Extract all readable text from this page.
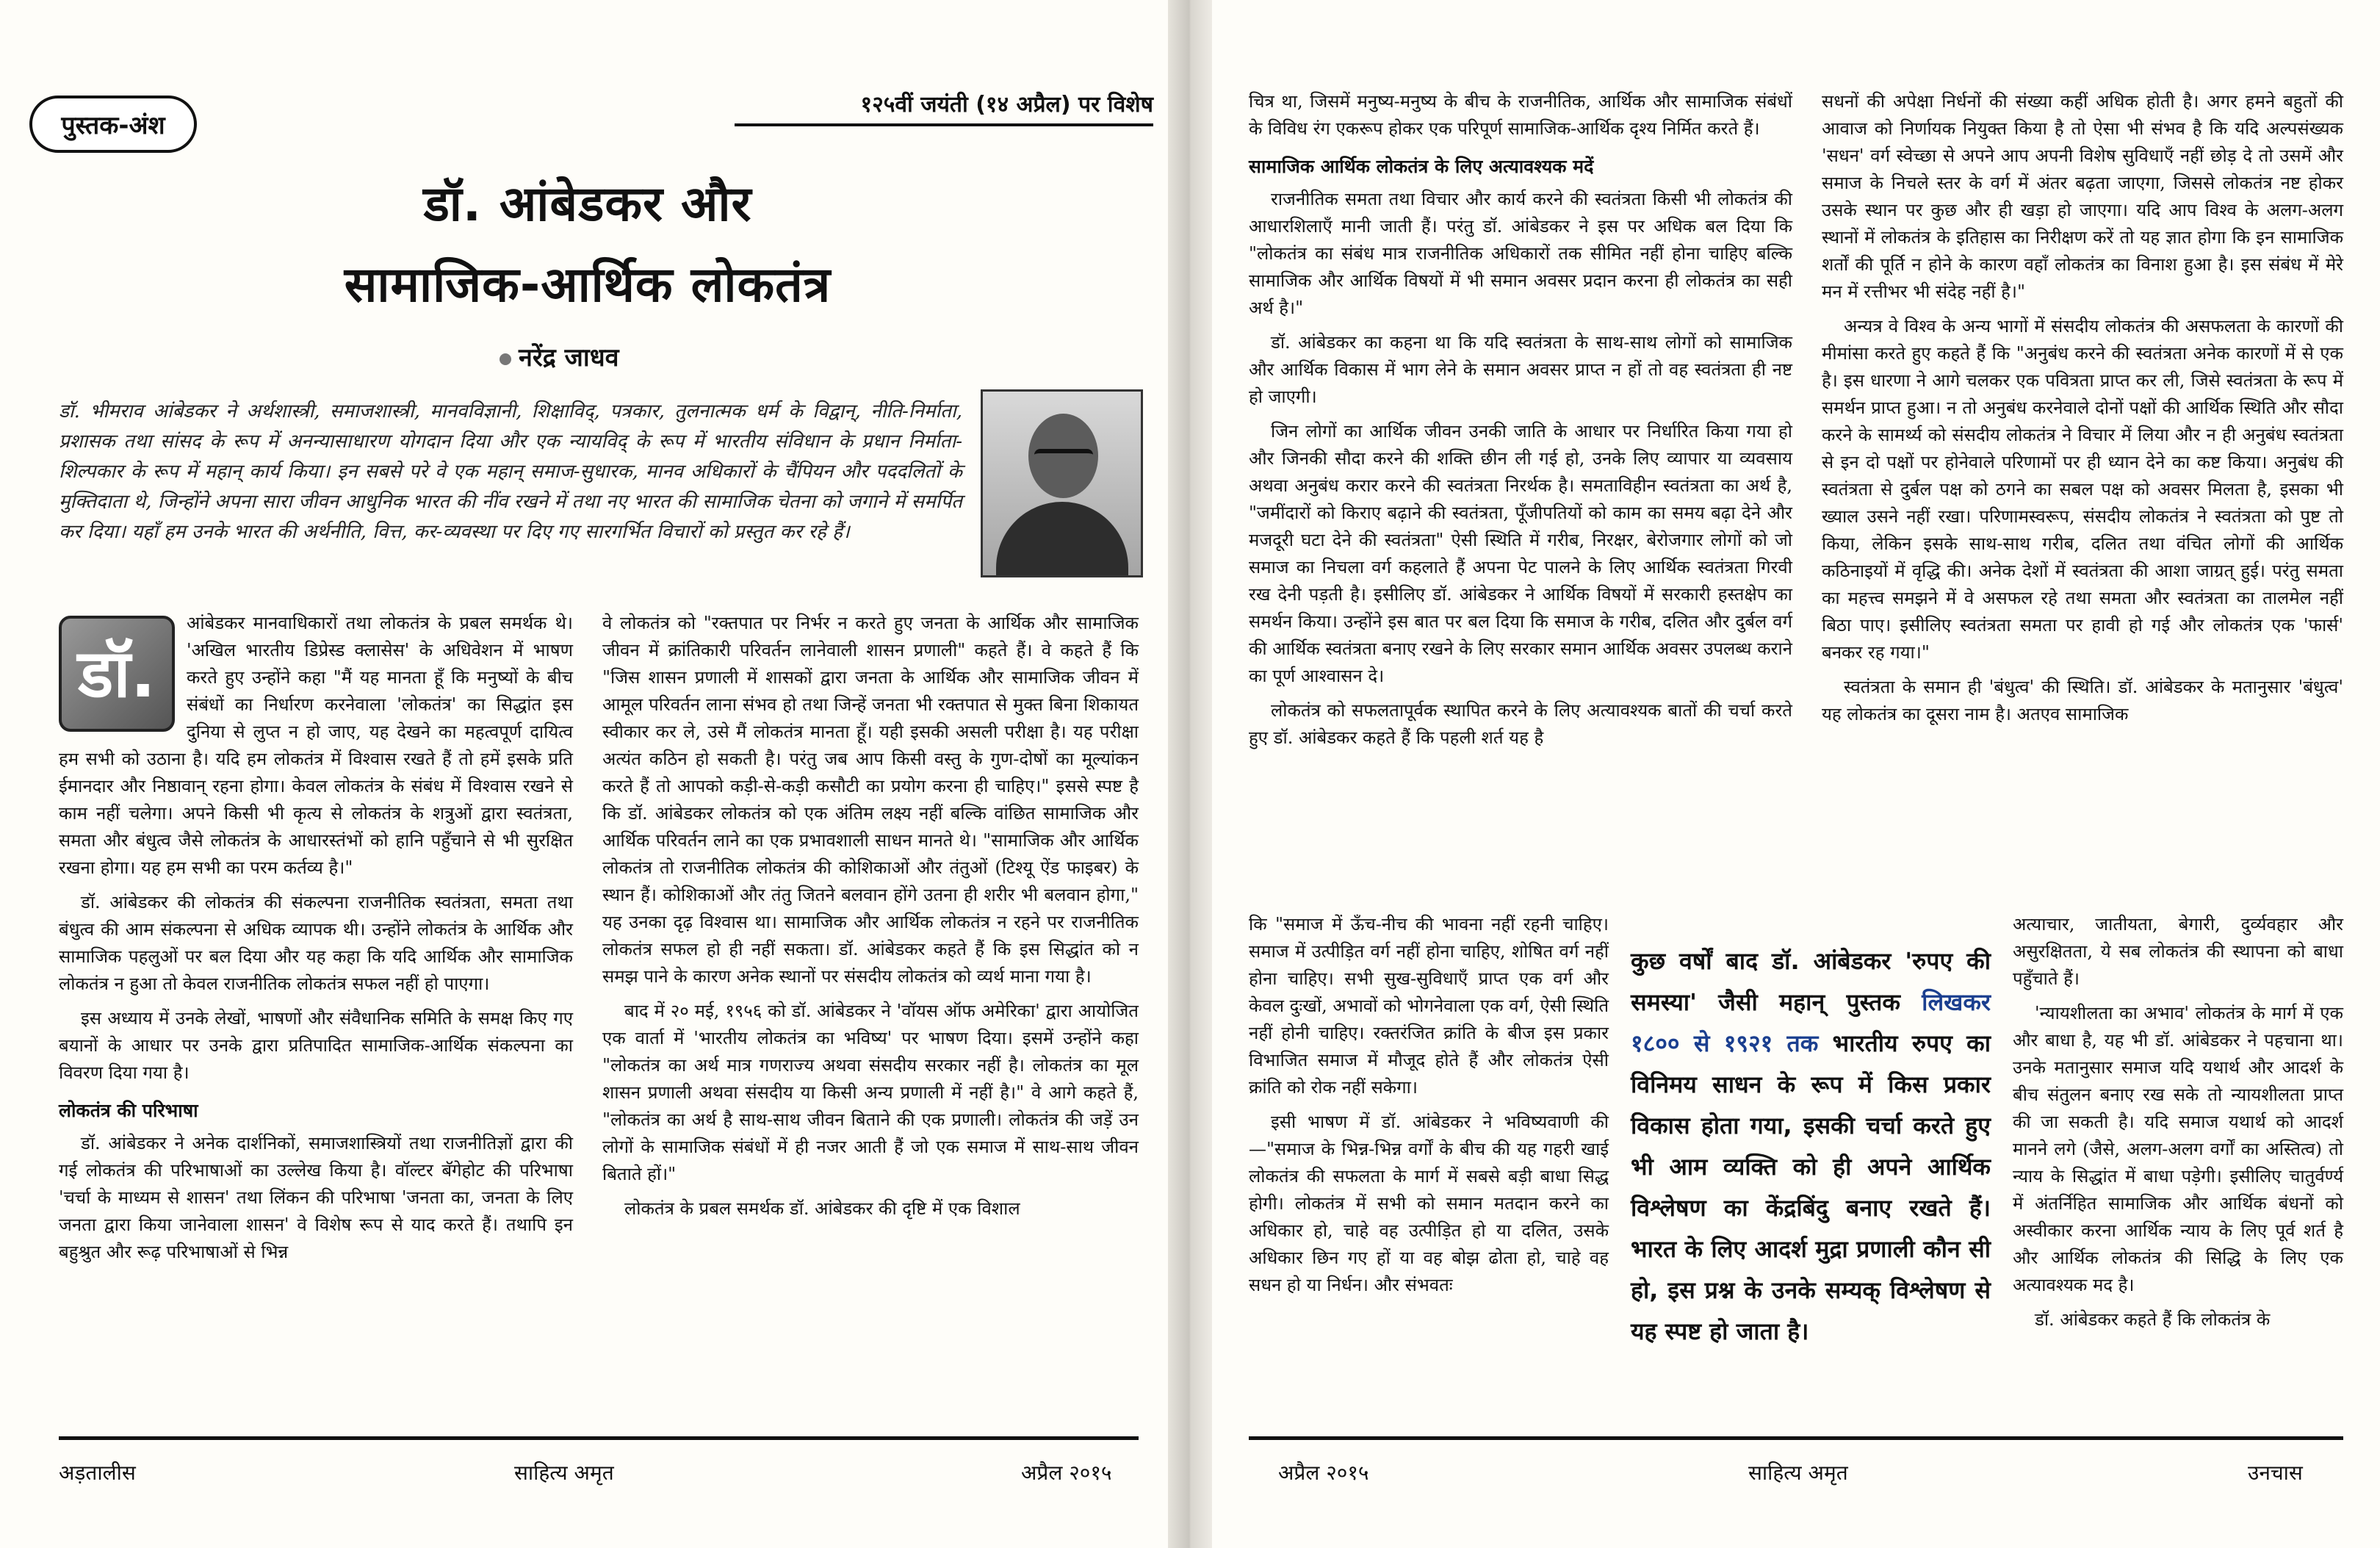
पुस्तक-अंश
१२५वीं जयंती (१४ अप्रैल) पर विशेष
डॉ. आंबेडकर और
सामाजिक-आर्थिक लोकतंत्र
नरेंद्र जाधव
डॉ. भीमराव आंबेडकर ने अर्थशास्त्री, समाजशास्त्री, मानवविज्ञानी, शिक्षाविद्, पत्रकार, तुलनात्मक धर्म के विद्वान्, नीति-निर्माता, प्रशासक तथा सांसद के रूप में अनन्यासाधारण योगदान दिया और एक न्यायविद् के रूप में भारतीय संविधान के प्रधान निर्माता-शिल्पकार के रूप में महान् कार्य किया। इन सबसे परे वे एक महान् समाज-सुधारक, मानव अधिकारों के चैंपियन और पददलितों के मुक्तिदाता थे, जिन्होंने अपना सारा जीवन आधुनिक भारत की नींव रखने में तथा नए भारत की सामाजिक चेतना को जगाने में समर्पित कर दिया। यहाँ हम उनके भारत की अर्थनीति, वित्त, कर-व्यवस्था पर दिए गए सारगर्भित विचारों को प्रस्तुत कर रहे हैं।

डॉ.
आंबेडकर मानवाधिकारों तथा लोकतंत्र के प्रबल समर्थक थे। 'अखिल भारतीय डिप्रेस्ड क्लासेस' के अधिवेशन में भाषण करते हुए उन्होंने कहा "मैं यह मानता हूँ कि मनुष्यों के बीच संबंधों का निर्धारण करनेवाला 'लोकतंत्र' का सिद्धांत इस दुनिया से लुप्त न हो जाए, यह देखने का महत्वपूर्ण दायित्व हम सभी को उठाना है। यदि हम लोकतंत्र में विश्वास रखते हैं तो हमें इसके प्रति ईमानदार और निष्ठावान् रहना होगा। केवल लोकतंत्र के संबंध में विश्वास रखने से काम नहीं चलेगा। अपने किसी भी कृत्य से लोकतंत्र के शत्रुओं द्वारा स्वतंत्रता, समता और बंधुत्व जैसे लोकतंत्र के आधारस्तंभों को हानि पहुँचाने से भी सुरक्षित रखना होगा। यह हम सभी का परम कर्तव्य है।"

डॉ. आंबेडकर की लोकतंत्र की संकल्पना राजनीतिक स्वतंत्रता, समता तथा बंधुत्व की आम संकल्पना से अधिक व्यापक थी। उन्होंने लोकतंत्र के आर्थिक और सामाजिक पहलुओं पर बल दिया और यह कहा कि यदि आर्थिक और सामाजिक लोकतंत्र न हुआ तो केवल राजनीतिक लोकतंत्र सफल नहीं हो पाएगा।

इस अध्याय में उनके लेखों, भाषणों और संवैधानिक समिति के समक्ष किए गए बयानों के आधार पर उनके द्वारा प्रतिपादित सामाजिक-आर्थिक संकल्पना का विवरण दिया गया है।

लोकतंत्र की परिभाषा

डॉ. आंबेडकर ने अनेक दार्शनिकों, समाजशास्त्रियों तथा राजनीतिज्ञों द्वारा की गई लोकतंत्र की परिभाषाओं का उल्लेख किया है। वॉल्टर बॅगेहोट की परिभाषा 'चर्चा के माध्यम से शासन' तथा लिंकन की परिभाषा 'जनता का, जनता के लिए जनता द्वारा किया जानेवाला शासन' वे विशेष रूप से याद करते हैं। तथापि इन बहुश्रुत और रूढ़ परिभाषाओं से भिन्न

वे लोकतंत्र को "रक्तपात पर निर्भर न करते हुए जनता के आर्थिक और सामाजिक जीवन में क्रांतिकारी परिवर्तन लानेवाली शासन प्रणाली" कहते हैं। वे कहते हैं कि "जिस शासन प्रणाली में शासकों द्वारा जनता के आर्थिक और सामाजिक जीवन में आमूल परिवर्तन लाना संभव हो तथा जिन्हें जनता भी रक्तपात से मुक्त बिना शिकायत स्वीकार कर ले, उसे मैं लोकतंत्र मानता हूँ। यही इसकी असली परीक्षा है। यह परीक्षा अत्यंत कठिन हो सकती है। परंतु जब आप किसी वस्तु के गुण-दोषों का मूल्यांकन करते हैं तो आपको कड़ी-से-कड़ी कसौटी का प्रयोग करना ही चाहिए।" इससे स्पष्ट है कि डॉ. आंबेडकर लोकतंत्र को एक अंतिम लक्ष्य नहीं बल्कि वांछित सामाजिक और आर्थिक परिवर्तन लाने का एक प्रभावशाली साधन मानते थे। "सामाजिक और आर्थिक लोकतंत्र तो राजनीतिक लोकतंत्र की कोशिकाओं और तंतुओं (टिश्यू ऐंड फाइबर) के स्थान हैं। कोशिकाओं और तंतु जितने बलवान होंगे उतना ही शरीर भी बलवान होगा," यह उनका दृढ़ विश्वास था। सामाजिक और आर्थिक लोकतंत्र न रहने पर राजनीतिक लोकतंत्र सफल हो ही नहीं सकता। डॉ. आंबेडकर कहते हैं कि इस सिद्धांत को न समझ पाने के कारण अनेक स्थानों पर संसदीय लोकतंत्र को व्यर्थ माना गया है।

बाद में २० मई, १९५६ को डॉ. आंबेडकर ने 'वॉयस ऑफ अमेरिका' द्वारा आयोजित एक वार्ता में 'भारतीय लोकतंत्र का भविष्य' पर भाषण दिया। इसमें उन्होंने कहा "लोकतंत्र का अर्थ मात्र गणराज्य अथवा संसदीय सरकार नहीं है। लोकतंत्र का मूल शासन प्रणाली अथवा संसदीय या किसी अन्य प्रणाली में नहीं है।" वे आगे कहते हैं, "लोकतंत्र का अर्थ है साथ-साथ जीवन बिताने की एक प्रणाली। लोकतंत्र की जड़ें उन लोगों के सामाजिक संबंधों में ही नजर आती हैं जो एक समाज में साथ-साथ जीवन बिताते हों।"

लोकतंत्र के प्रबल समर्थक डॉ. आंबेडकर की दृष्टि में एक विशाल

अड़तालीस	साहित्य अमृत	अप्रैल २०१५

चित्र था, जिसमें मनुष्य-मनुष्य के बीच के राजनीतिक, आर्थिक और सामाजिक संबंधों के विविध रंग एकरूप होकर एक परिपूर्ण सामाजिक-आर्थिक दृश्य निर्मित करते हैं।

सामाजिक आर्थिक लोकतंत्र के लिए अत्यावश्यक मदें

राजनीतिक समता तथा विचार और कार्य करने की स्वतंत्रता किसी भी लोकतंत्र की आधारशिलाएँ मानी जाती हैं। परंतु डॉ. आंबेडकर ने इस पर अधिक बल दिया कि "लोकतंत्र का संबंध मात्र राजनीतिक अधिकारों तक सीमित नहीं होना चाहिए बल्कि सामाजिक और आर्थिक विषयों में भी समान अवसर प्रदान करना ही लोकतंत्र का सही अर्थ है।"

डॉ. आंबेडकर का कहना था कि यदि स्वतंत्रता के साथ-साथ लोगों को सामाजिक और आर्थिक विकास में भाग लेने के समान अवसर प्राप्त न हों तो वह स्वतंत्रता ही नष्ट हो जाएगी।

जिन लोगों का आर्थिक जीवन उनकी जाति के आधार पर निर्धारित किया गया हो और जिनकी सौदा करने की शक्ति छीन ली गई हो, उनके लिए व्यापार या व्यवसाय अथवा अनुबंध करार करने की स्वतंत्रता निरर्थक है। समताविहीन स्वतंत्रता का अर्थ है, "जमींदारों को किराए बढ़ाने की स्वतंत्रता, पूँजीपतियों को काम का समय बढ़ा देने और मजदूरी घटा देने की स्वतंत्रता" ऐसी स्थिति में गरीब, निरक्षर, बेरोजगार लोगों को जो समाज का निचला वर्ग कहलाते हैं अपना पेट पालने के लिए आर्थिक स्वतंत्रता गिरवी रख देनी पड़ती है। इसीलिए डॉ. आंबेडकर ने आर्थिक विषयों में सरकारी हस्तक्षेप का समर्थन किया। उन्होंने इस बात पर बल दिया कि समाज के गरीब, दलित और दुर्बल वर्ग की आर्थिक स्वतंत्रता बनाए रखने के लिए सरकार समान आर्थिक अवसर उपलब्ध कराने का पूर्ण आश्वासन दे।

लोकतंत्र को सफलतापूर्वक स्थापित करने के लिए अत्यावश्यक बातों की चर्चा करते हुए डॉ. आंबेडकर कहते हैं कि पहली शर्त यह है

कि "समाज में ऊँच-नीच की भावना नहीं रहनी चाहिए। समाज में उत्पीड़ित वर्ग नहीं होना चाहिए, शोषित वर्ग नहीं होना चाहिए। सभी सुख-सुविधाएँ प्राप्त एक वर्ग और केवल दुःखों, अभावों को भोगनेवाला एक वर्ग, ऐसी स्थिति नहीं होनी चाहिए। रक्तरंजित क्रांति के बीज इस प्रकार विभाजित समाज में मौजूद होते हैं और लोकतंत्र ऐसी क्रांति को रोक नहीं सकेगा।

इसी भाषण में डॉ. आंबेडकर ने भविष्यवाणी की—"समाज के भिन्न-भिन्न वर्गों के बीच की यह गहरी खाई लोकतंत्र की सफलता के मार्ग में सबसे बड़ी बाधा सिद्ध होगी। लोकतंत्र में सभी को समान मतदान करने का अधिकार हो, चाहे वह उत्पीड़ित हो या दलित, उसके अधिकार छिन गए हों या वह बोझ ढोता हो, चाहे वह सधन हो या निर्धन। और संभवतः

कुछ वर्षों बाद डॉ. आंबेडकर 'रुपए की समस्या' जैसी महान् पुस्तक लिखकर १८०० से १९२१ तक भारतीय रुपए का विनिमय साधन के रूप में किस प्रकार विकास होता गया, इसकी चर्चा करते हुए भी आम व्यक्ति को ही अपने आर्थिक विश्लेषण का केंद्रबिंदु बनाए रखते हैं। भारत के लिए आदर्श मुद्रा प्रणाली कौन सी हो, इस प्रश्न के उनके सम्यक् विश्लेषण से यह स्पष्ट हो जाता है।

सधनों की अपेक्षा निर्धनों की संख्या कहीं अधिक होती है। अगर हमने बहुतों की आवाज को निर्णायक नियुक्त किया है तो ऐसा भी संभव है कि यदि अल्पसंख्यक 'सधन' वर्ग स्वेच्छा से अपने आप अपनी विशेष सुविधाएँ नहीं छोड़ दे तो उसमें और समाज के निचले स्तर के वर्ग में अंतर बढ़ता जाएगा, जिससे लोकतंत्र नष्ट होकर उसके स्थान पर कुछ और ही खड़ा हो जाएगा। यदि आप विश्व के अलग-अलग स्थानों में लोकतंत्र के इतिहास का निरीक्षण करें तो यह ज्ञात होगा कि इन सामाजिक शर्तों की पूर्ति न होने के कारण वहाँ लोकतंत्र का विनाश हुआ है। इस संबंध में मेरे मन में रत्तीभर भी संदेह नहीं है।"

अन्यत्र वे विश्व के अन्य भागों में संसदीय लोकतंत्र की असफलता के कारणों की मीमांसा करते हुए कहते हैं कि "अनुबंध करने की स्वतंत्रता अनेक कारणों में से एक है। इस धारणा ने आगे चलकर एक पवित्रता प्राप्त कर ली, जिसे स्वतंत्रता के रूप में समर्थन प्राप्त हुआ। न तो अनुबंध करनेवाले दोनों पक्षों की आर्थिक स्थिति और सौदा करने के सामर्थ्य को संसदीय लोकतंत्र ने विचार में लिया और न ही अनुबंध स्वतंत्रता से इन दो पक्षों पर होनेवाले परिणामों पर ही ध्यान देने का कष्ट किया। अनुबंध की स्वतंत्रता से दुर्बल पक्ष को ठगने का सबल पक्ष को अवसर मिलता है, इसका भी ख्याल उसने नहीं रखा। परिणामस्वरूप, संसदीय लोकतंत्र ने स्वतंत्रता को पुष्ट तो किया, लेकिन इसके साथ-साथ गरीब, दलित तथा वंचित लोगों की आर्थिक कठिनाइयों में वृद्धि की। अनेक देशों में स्वतंत्रता की आशा जाग्रत् हुई। परंतु समता का महत्त्व समझने में वे असफल रहे तथा समता और स्वतंत्रता का तालमेल नहीं बिठा पाए। इसीलिए स्वतंत्रता समता पर हावी हो गई और लोकतंत्र एक 'फार्स' बनकर रह गया।"

स्वतंत्रता के समान ही 'बंधुत्व' की स्थिति। डॉ. आंबेडकर के मतानुसार 'बंधुत्व' यह लोकतंत्र का दूसरा नाम है। अतएव सामाजिक

अत्याचार, जातीयता, बेगारी, दुर्व्यवहार और असुरक्षितता, ये सब लोकतंत्र की स्थापना को बाधा पहुँचाते हैं।

'न्यायशीलता का अभाव' लोकतंत्र के मार्ग में एक और बाधा है, यह भी डॉ. आंबेडकर ने पहचाना था। उनके मतानुसार समाज यदि यथार्थ और आदर्श के बीच संतुलन बनाए रख सके तो न्यायशीलता प्राप्त की जा सकती है। यदि समाज यथार्थ को आदर्श मानने लगे (जैसे, अलग-अलग वर्गों का अस्तित्व) तो न्याय के सिद्धांत में बाधा पड़ेगी। इसीलिए चातुर्वर्ण्य में अंतर्निहित सामाजिक और आर्थिक बंधनों को अस्वीकार करना आर्थिक न्याय के लिए पूर्व शर्त है और आर्थिक लोकतंत्र की सिद्धि के लिए एक अत्यावश्यक मद है।

डॉ. आंबेडकर कहते हैं कि लोकतंत्र के

अप्रैल २०१५	साहित्य अमृत	उनचास
